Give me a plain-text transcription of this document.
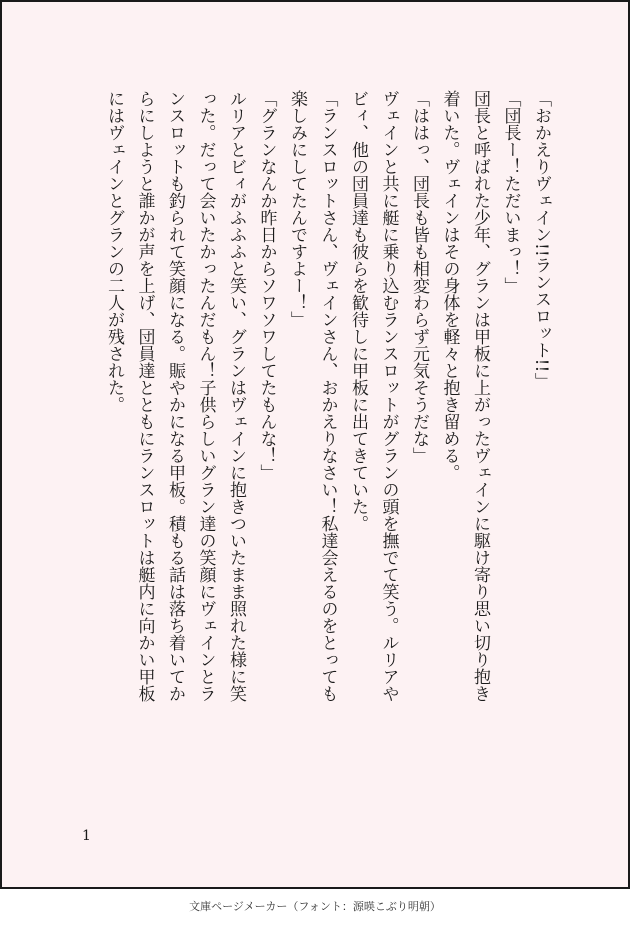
「おかえりヴェイン!!ランスロット!!」

「団長ー！ただいまっ！」

団長と呼ばれた少年、グランは甲板に上がったヴェインに駆け寄り思い切り抱き

着いた。ヴェインはその身体を軽々と抱き留める。

「ははっ、団長も皆も相変わらず元気そうだな」

ヴェインと共に艇に乗り込むランスロットがグランの頭を撫でて笑う。ルリアや

ビィ、他の団員達も彼らを歓待しに甲板に出てきていた。

「ランスロットさん、ヴェインさん、おかえりなさい！私達会えるのをとっても

楽しみにしてたんですよー！」

「グランなんか昨日からソワソワしてたもんな！」

ルリアとビィがふふふと笑い、グランはヴェインに抱きついたまま照れた様に笑

った。だって会いたかったんだもん！子供らしいグラン達の笑顔にヴェインとラ

ンスロットも釣られて笑顔になる。賑やかになる甲板。積もる話は落ち着いてか

らにしようと誰かが声を上げ、団員達とともにランスロットは艇内に向かい甲板

にはヴェインとグランの二人が残された。

1
文庫ページメーカー（フォント：源暎こぶり明朝）
